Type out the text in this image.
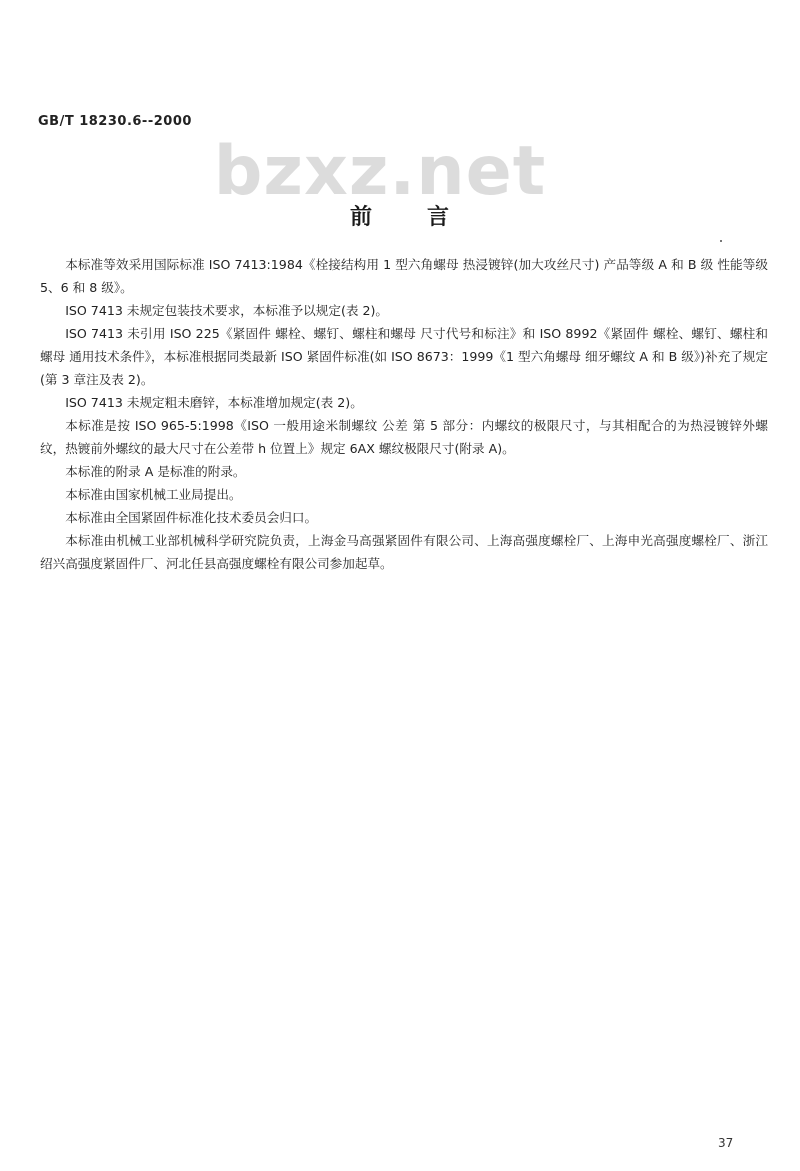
GB/T 18230.6--2000
bzxz.net
前 言

本标准等效采用国际标准 ISO 7413:1984《栓接结构用 1 型六角螺母 热浸镀锌(加大攻丝尺寸) 产品等级 A 和 B 级 性能等级 5、6 和 8 级》。

ISO 7413 未规定包装技术要求，本标准予以规定(表 2)。

ISO 7413 未引用 ISO 225《紧固件 螺栓、螺钉、螺柱和螺母 尺寸代号和标注》和 ISO 8992《紧固件 螺栓、螺钉、螺柱和螺母 通用技术条件》，本标准根据同类最新 ISO 紧固件标准(如 ISO 8673：1999《1 型六角螺母 细牙螺纹 A 和 B 级》)补充了规定(第 3 章注及表 2)。

ISO 7413 未规定粗未磨锌，本标准增加规定(表 2)。

本标准是按 ISO 965-5:1998《ISO 一般用途米制螺纹 公差 第 5 部分：内螺纹的极限尺寸，与其相配合的为热浸镀锌外螺纹，热镀前外螺纹的最大尺寸在公差带 h 位置上》规定 6AX 螺纹极限尺寸(附录 A)。

本标准的附录 A 是标准的附录。

本标准由国家机械工业局提出。

本标准由全国紧固件标准化技术委员会归口。

本标准由机械工业部机械科学研究院负责，上海金马高强紧固件有限公司、上海高强度螺栓厂、上海申光高强度螺栓厂、浙江绍兴高强度紧固件厂、河北任县高强度螺栓有限公司参加起草。

37
